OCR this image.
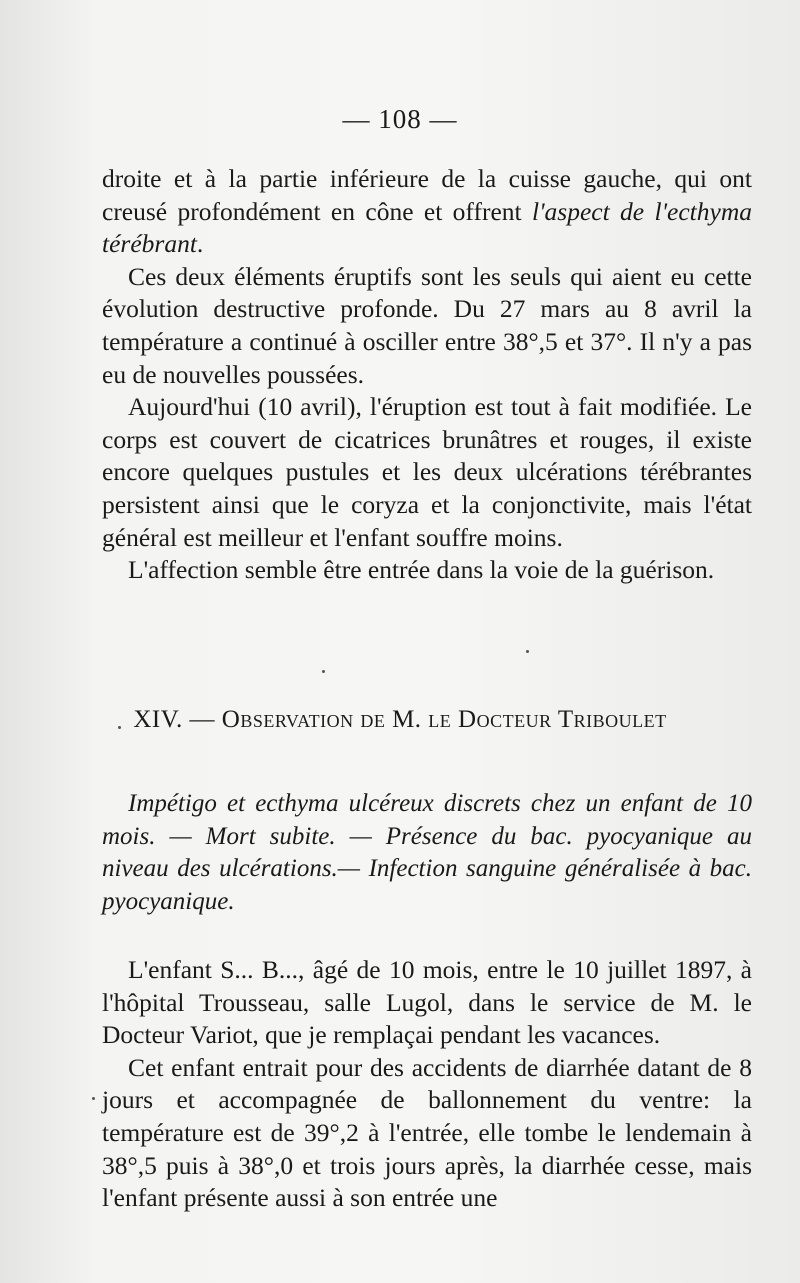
— 108 —

droite et à la partie inférieure de la cuisse gauche, qui ont creusé profondément en cône et offrent l'aspect de l'ecthyma térébrant.

Ces deux éléments éruptifs sont les seuls qui aient eu cette évolution destructive profonde. Du 27 mars au 8 avril la température a continué à osciller entre 38°,5 et 37°. Il n'y a pas eu de nouvelles poussées.

Aujourd'hui (10 avril), l'éruption est tout à fait modifiée. Le corps est couvert de cicatrices brunâtres et rouges, il existe encore quelques pustules et les deux ulcérations térébrantes persistent ainsi que le coryza et la conjonctivite, mais l'état général est meilleur et l'enfant souffre moins.

L'affection semble être entrée dans la voie de la guérison.

XIV. — Observation de M. le Docteur Triboulet

Impétigo et ecthyma ulcéreux discrets chez un enfant de 10 mois. — Mort subite. — Présence du bac. pyocyanique au niveau des ulcérations.— Infection sanguine généralisée à bac. pyocyanique.

L'enfant S... B..., âgé de 10 mois, entre le 10 juillet 1897, à l'hôpital Trousseau, salle Lugol, dans le service de M. le Docteur Variot, que je remplaçai pendant les vacances.

Cet enfant entrait pour des accidents de diarrhée datant de 8 jours et accompagnée de ballonnement du ventre: la température est de 39°,2 à l'entrée, elle tombe le lendemain à 38°,5 puis à 38°,0 et trois jours après, la diarrhée cesse, mais l'enfant présente aussi à son entrée une
